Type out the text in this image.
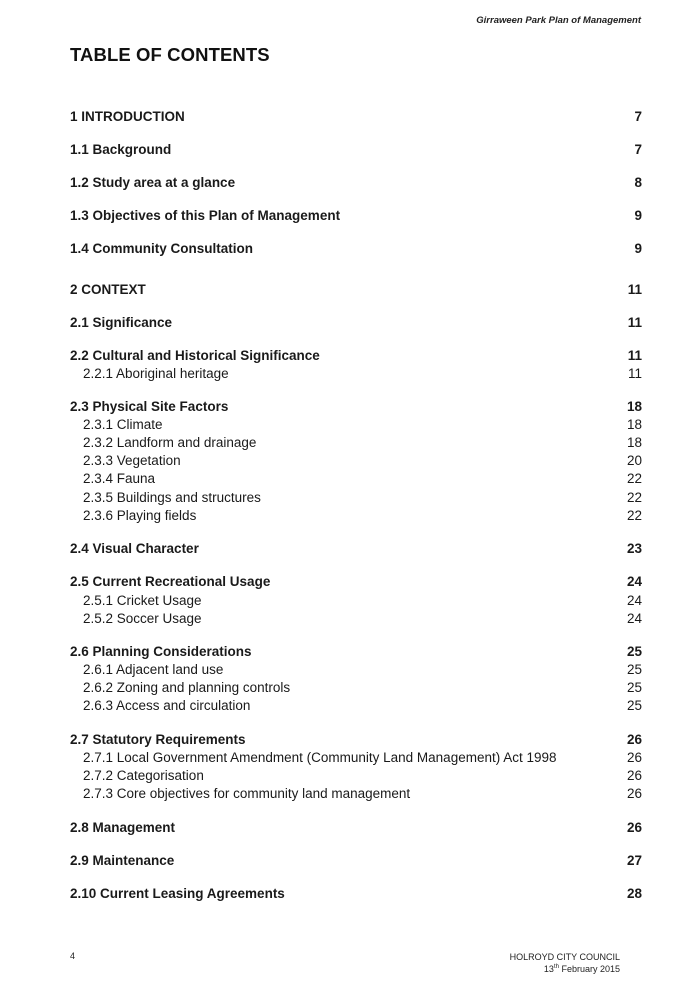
Girraween Park Plan of Management
TABLE OF CONTENTS
1 INTRODUCTION	7
1.1 Background	7
1.2 Study area at a glance	8
1.3 Objectives of this Plan of Management	9
1.4 Community Consultation	9
2 CONTEXT	11
2.1 Significance	11
2.2 Cultural and Historical Significance	11
2.2.1 Aboriginal heritage	11
2.3 Physical Site Factors	18
2.3.1 Climate	18
2.3.2 Landform and drainage	18
2.3.3 Vegetation	20
2.3.4 Fauna	22
2.3.5 Buildings and structures	22
2.3.6 Playing fields	22
2.4 Visual Character	23
2.5 Current Recreational Usage	24
2.5.1 Cricket Usage	24
2.5.2 Soccer Usage	24
2.6 Planning Considerations	25
2.6.1 Adjacent land use	25
2.6.2 Zoning and planning controls	25
2.6.3 Access and circulation	25
2.7 Statutory Requirements	26
2.7.1 Local Government Amendment (Community Land Management) Act 1998	26
2.7.2 Categorisation	26
2.7.3 Core objectives for community land management	26
2.8 Management	26
2.9 Maintenance	27
2.10 Current Leasing Agreements	28
4	HOLROYD CITY COUNCIL
13th February 2015
